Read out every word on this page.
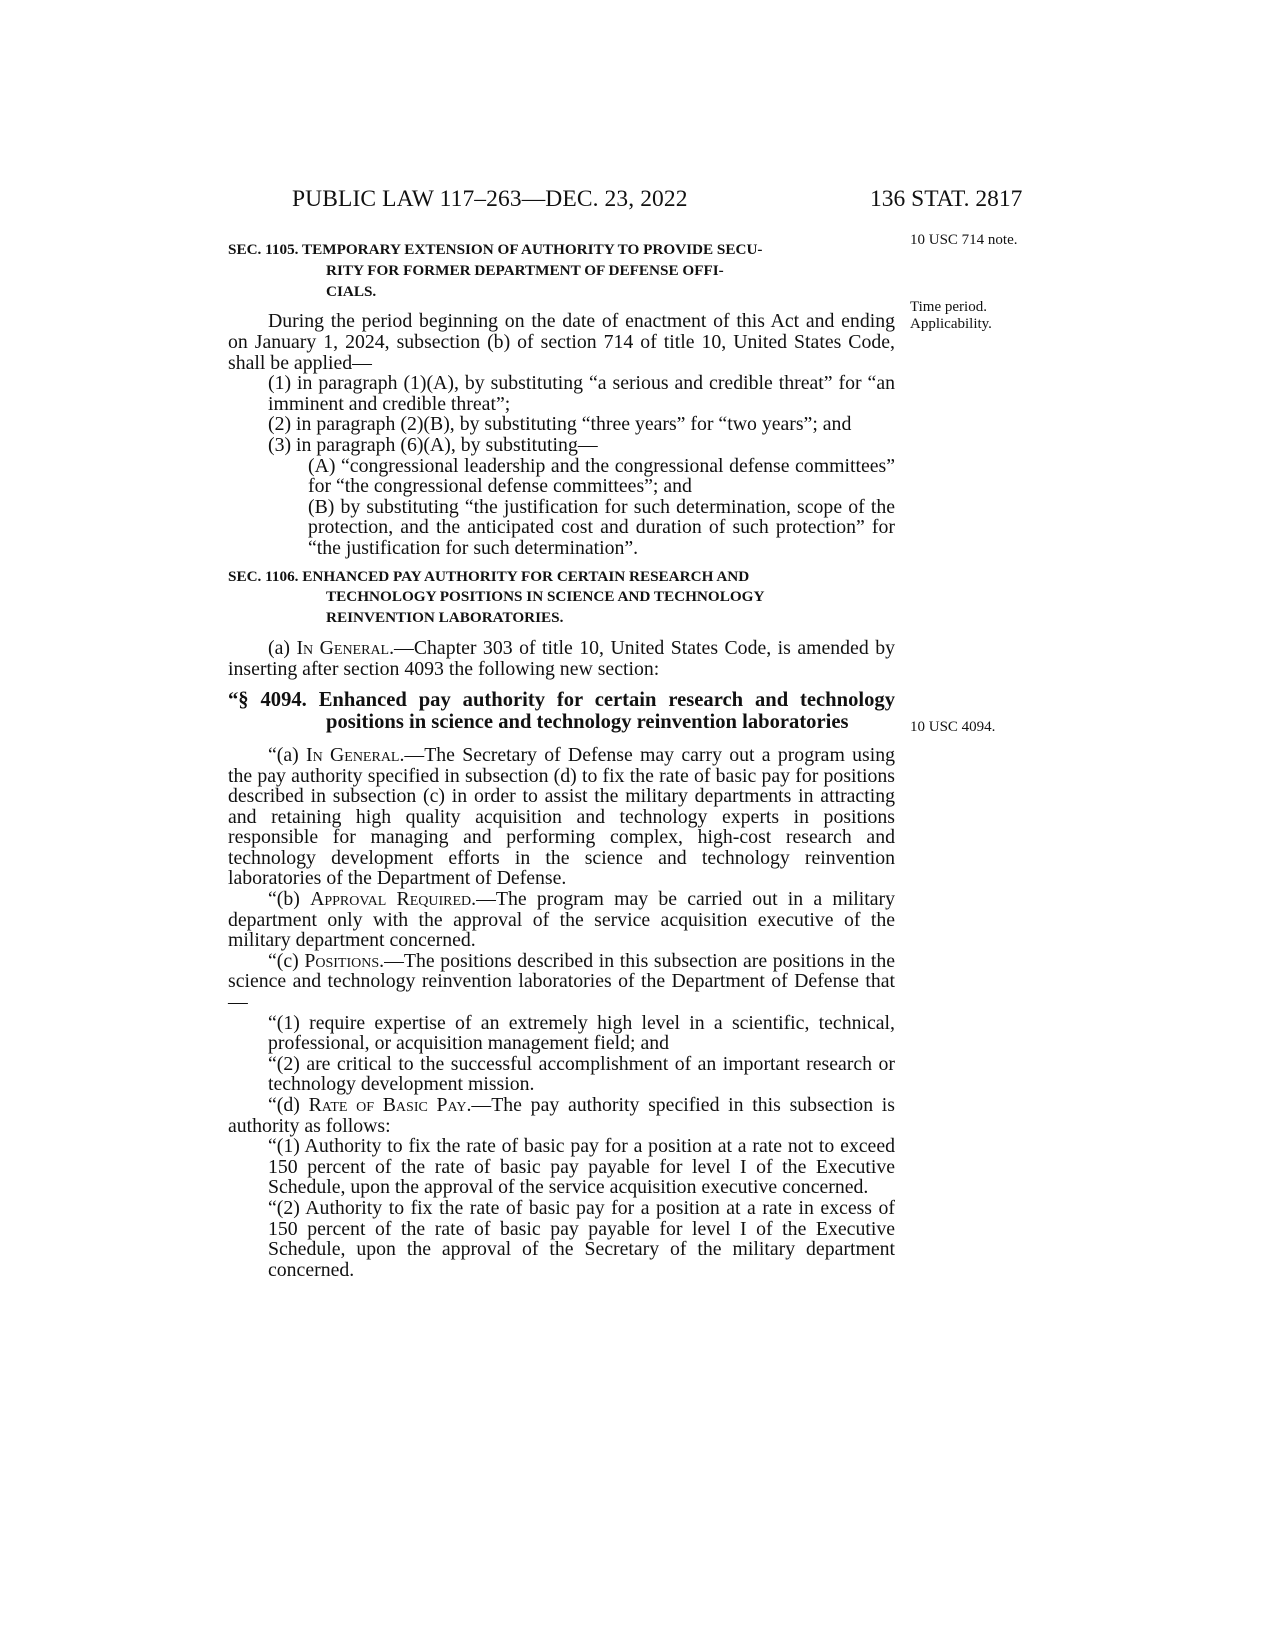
PUBLIC LAW 117–263—DEC. 23, 2022	136 STAT. 2817
10 USC 714 note.
Time period.
Applicability.
10 USC 4094.
SEC. 1105. TEMPORARY EXTENSION OF AUTHORITY TO PROVIDE SECU-
RITY FOR FORMER DEPARTMENT OF DEFENSE OFFI-
CIALS.

During the period beginning on the date of enactment of this Act and ending on January 1, 2024, subsection (b) of section 714 of title 10, United States Code, shall be applied—

(1) in paragraph (1)(A), by substituting “a serious and credible threat” for “an imminent and credible threat”;

(2) in paragraph (2)(B), by substituting “three years” for “two years”; and

(3) in paragraph (6)(A), by substituting—

(A) “congressional leadership and the congressional defense committees” for “the congressional defense committees”; and

(B) by substituting “the justification for such determination, scope of the protection, and the anticipated cost and duration of such protection” for “the justification for such determination”.

SEC. 1106. ENHANCED PAY AUTHORITY FOR CERTAIN RESEARCH AND
TECHNOLOGY POSITIONS IN SCIENCE AND TECHNOLOGY
REINVENTION LABORATORIES.

(a) In General.—Chapter 303 of title 10, United States Code, is amended by inserting after section 4093 the following new section:

“§ 4094. Enhanced pay authority for certain research and technology positions in science and technology reinvention laboratories

“(a) In General.—The Secretary of Defense may carry out a program using the pay authority specified in subsection (d) to fix the rate of basic pay for positions described in subsection (c) in order to assist the military departments in attracting and retaining high quality acquisition and technology experts in positions responsible for managing and performing complex, high-cost research and technology development efforts in the science and technology reinvention laboratories of the Department of Defense.

“(b) Approval Required.—The program may be carried out in a military department only with the approval of the service acquisition executive of the military department concerned.

“(c) Positions.—The positions described in this subsection are positions in the science and technology reinvention laboratories of the Department of Defense that—

“(1) require expertise of an extremely high level in a scientific, technical, professional, or acquisition management field; and

“(2) are critical to the successful accomplishment of an important research or technology development mission.

“(d) Rate of Basic Pay.—The pay authority specified in this subsection is authority as follows:

“(1) Authority to fix the rate of basic pay for a position at a rate not to exceed 150 percent of the rate of basic pay payable for level I of the Executive Schedule, upon the approval of the service acquisition executive concerned.

“(2) Authority to fix the rate of basic pay for a position at a rate in excess of 150 percent of the rate of basic pay payable for level I of the Executive Schedule, upon the approval of the Secretary of the military department concerned.
